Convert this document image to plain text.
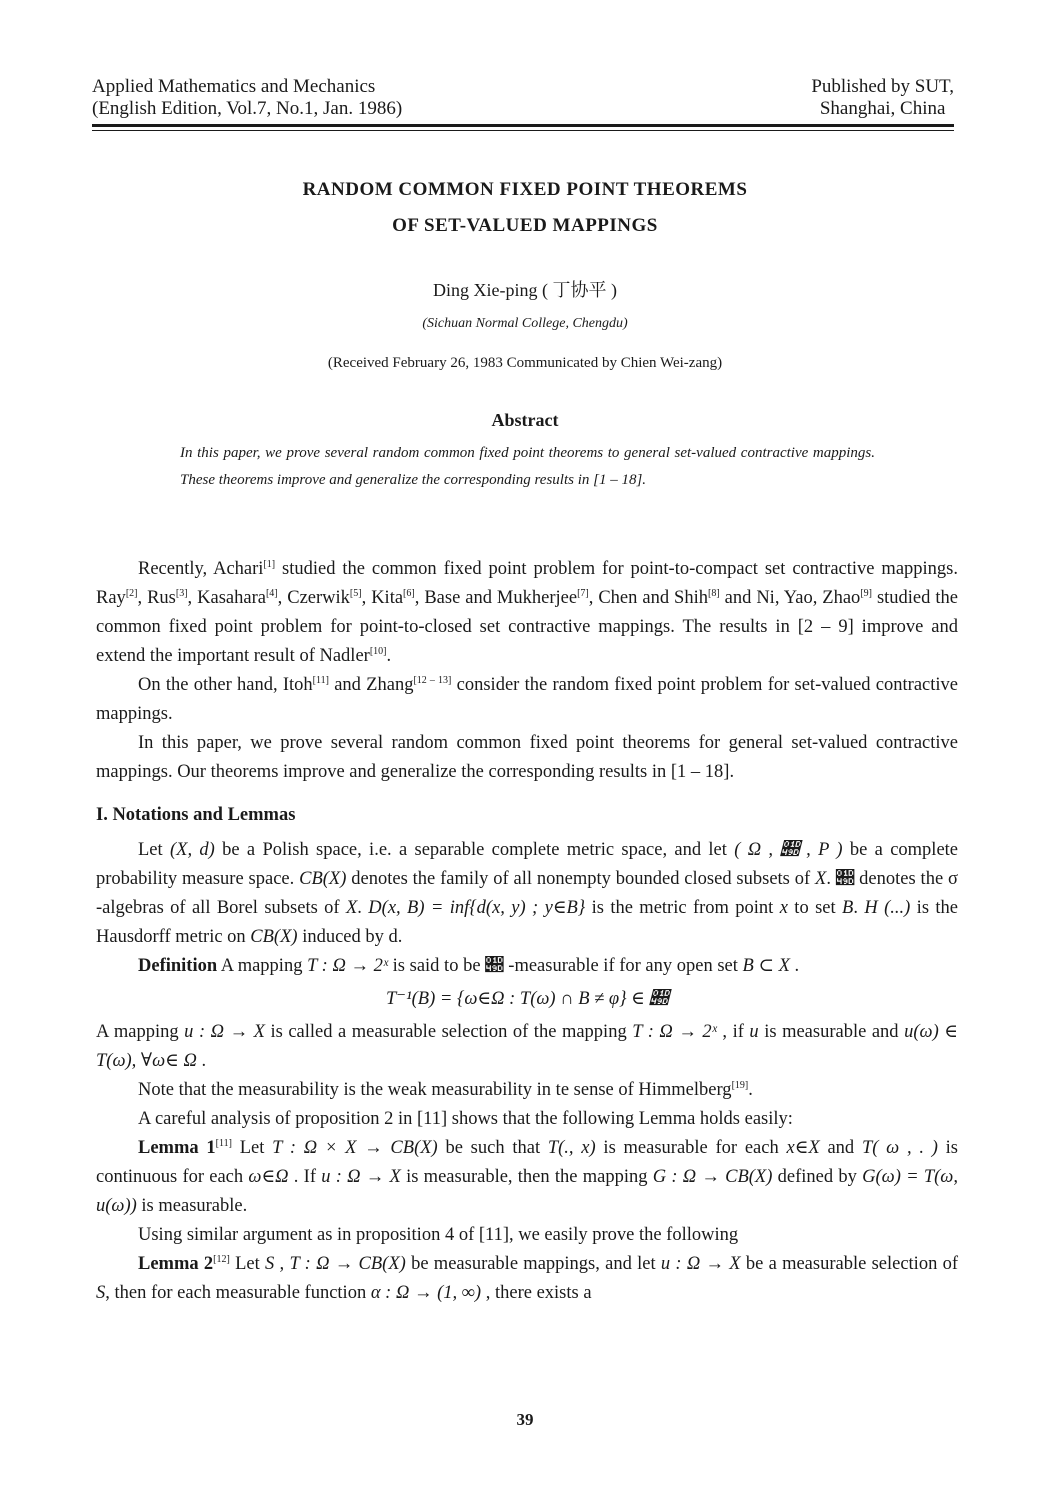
Applied Mathematics and Mechanics
(English Edition, Vol.7, No.1, Jan. 1986)
Published by SUT,
Shanghai, China
RANDOM COMMON FIXED POINT THEOREMS
OF SET-VALUED MAPPINGS
Ding Xie-ping ( 丁协平 )
(Sichuan Normal College, Chengdu)
(Received February 26, 1983 Communicated by Chien Wei-zang)
Abstract
In this paper, we prove several random common fixed point theorems to general set-valued contractive mappings. These theorems improve and generalize the corresponding results in [1 – 18].

Recently, Achari[1] studied the common fixed point problem for point-to-compact set contractive mappings. Ray[2], Rus[3], Kasahara[4], Czerwik[5], Kita[6], Base and Mukherjee[7], Chen and Shih[8] and Ni, Yao, Zhao[9] studied the common fixed point problem for point-to-closed set contractive mappings. The results in [2 – 9] improve and extend the important result of Nadler[10].

On the other hand, Itoh[11] and Zhang[12 – 13] consider the random fixed point problem for set-valued contractive mappings.

In this paper, we prove several random common fixed point theorems for general set-valued contractive mappings. Our theorems improve and generalize the corresponding results in [1 – 18].

I. Notations and Lemmas

Let (X, d) be a Polish space, i.e. a separable complete metric space, and let ( Ω , 𝒝 , P ) be a complete probability measure space. CB(X) denotes the family of all nonempty bounded closed subsets of X. 𝒝 denotes the σ -algebras of all Borel subsets of X. D(x, B) = inf{d(x, y) ; y∈B} is the metric from point x to set B. H (...) is the Hausdorff metric on CB(X) induced by d.

Definition A mapping T : Ω → 2ˣ is said to be 𝒝 -measurable if for any open set B ⊂ X .

T⁻¹(B) = {ω∈Ω : T(ω) ∩ B ≠ φ} ∈ 𝒝

A mapping u : Ω → X is called a measurable selection of the mapping T : Ω → 2ˣ , if u is measurable and u(ω) ∈ T(ω), ∀ω∈ Ω .

Note that the measurability is the weak measurability in te sense of Himmelberg[19].

A careful analysis of proposition 2 in [11] shows that the following Lemma holds easily:

Lemma 1[11] Let T : Ω × X → CB(X) be such that T(., x) is measurable for each x∈X and T( ω , . ) is continuous for each ω∈Ω . If u : Ω → X is measurable, then the mapping G : Ω → CB(X) defined by G(ω) = T(ω, u(ω)) is measurable.

Using similar argument as in proposition 4 of [11], we easily prove the following

Lemma 2[12] Let S , T : Ω → CB(X) be measurable mappings, and let u : Ω → X be a measurable selection of S, then for each measurable function α : Ω → (1, ∞) , there exists a

39
